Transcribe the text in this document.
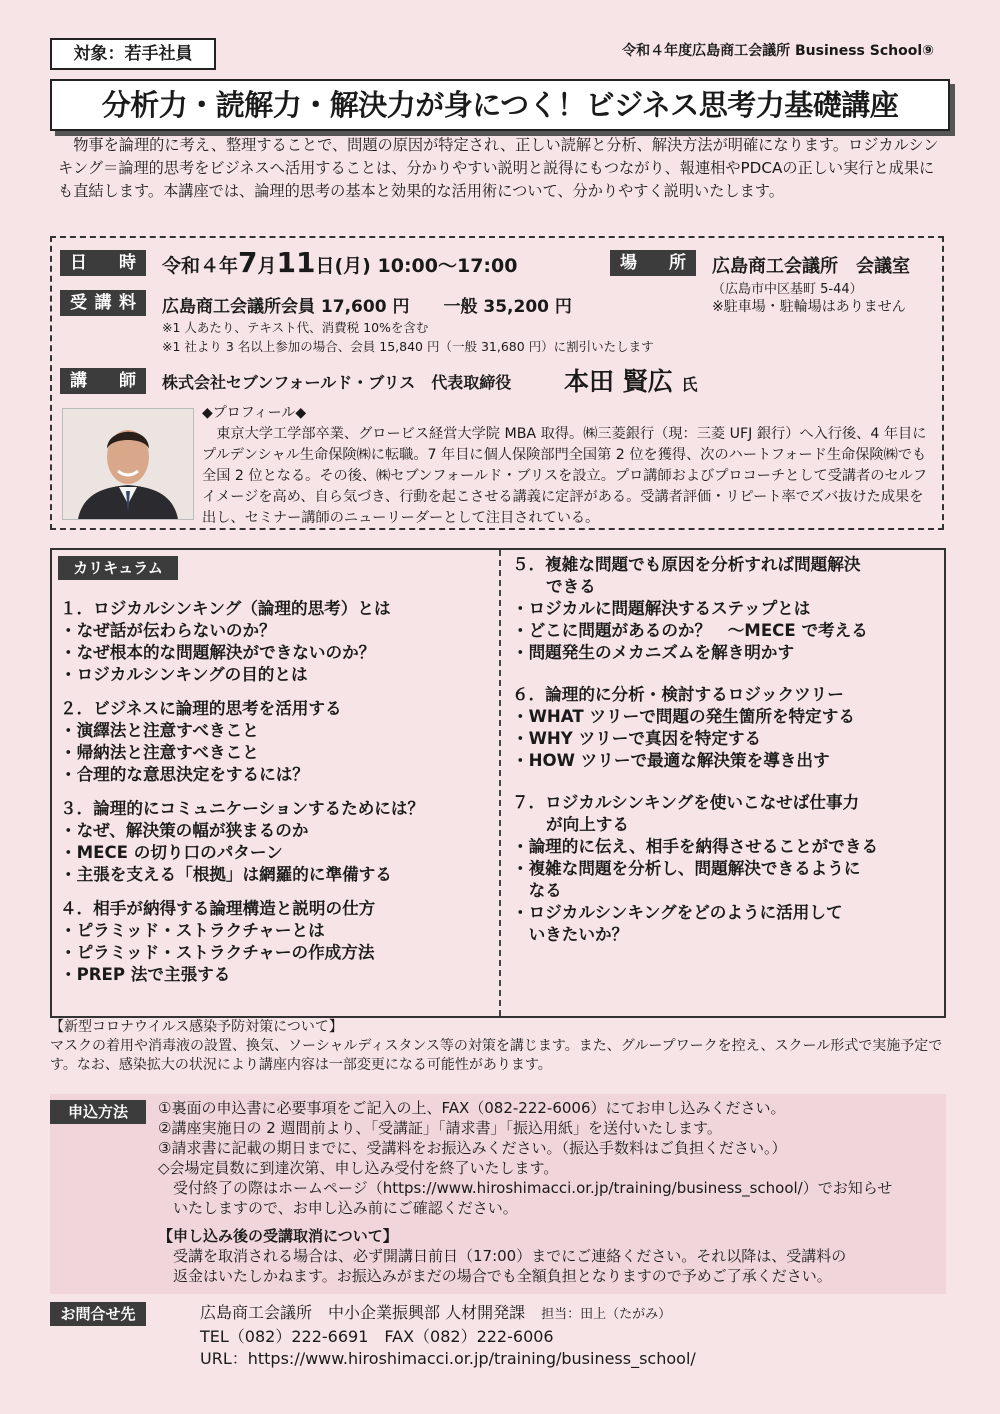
対象：若手社員	令和４年度広島商工会議所 Business School⑨
分析力・読解力・解決力が身につく！ビジネス思考力基礎講座
物事を論理的に考え、整理することで、問題の原因が特定され、正しい読解と分析、解決方法が明確になります。ロジカルシンキング＝論理的思考をビジネスへ活用することは、分かりやすい説明と説得にもつながり、報連相やPDCAの正しい実行と成果にも直結します。本講座では、論理的思考の基本と効果的な活用術について、分かりやすく説明いたします。
日 時	令和４年7月11日(月) 10:00〜17:00	場 所	広島商工会議所　会議室
（広島市中区基町 5-44）
※駐車場・駐輪場はありません
受講料	広島商工会議所会員 17,600 円　　 一般 35,200 円
※1 人あたり、テキスト代、消費税 10%を含む
※1 社より 3 名以上参加の場合、会員 15,840 円（一般 31,680 円）に割引いたします
講 師	株式会社セブンフォールド・ブリス　代表取締役 本田 賢広 氏
◆プロフィール◆
東京大学工学部卒業、グロービス経営大学院 MBA 取得。㈱三菱銀行（現：三菱 UFJ 銀行）へ入行後、4 年目にプルデンシャル生命保険㈱に転職。7 年目に個人保険部門全国第 2 位を獲得、次のハートフォード生命保険㈱でも全国 2 位となる。その後、㈱セブンフォールド・ブリスを設立。プロ講師およびプロコーチとして受講者のセルフイメージを高め、自ら気づき、行動を起こさせる講義に定評がある。受講者評価・リピート率でズバ抜けた成果を出し、セミナー講師のニューリーダーとして注目されている。
カリキュラム
１．ロジカルシンキング（論理的思考）とは
・なぜ話が伝わらないのか？
・なぜ根本的な問題解決ができないのか？
・ロジカルシンキングの目的とは
２．ビジネスに論理的思考を活用する
・演繹法と注意すべきこと
・帰納法と注意すべきこと
・合理的な意思決定をするには？
３．論理的にコミュニケーションするためには？
・なぜ、解決策の幅が狭まるのか
・MECE の切り口のパターン
・主張を支える「根拠」は網羅的に準備する
４．相手が納得する論理構造と説明の仕方
・ピラミッド・ストラクチャーとは
・ピラミッド・ストラクチャーの作成方法
・PREP 法で主張する
５．複雑な問題でも原因を分析すれば問題解決
できる
・ロジカルに問題解決するステップとは
・どこに問題があるのか？　〜MECE で考える
・問題発生のメカニズムを解き明かす
６．論理的に分析・検討するロジックツリー
・WHAT ツリーで問題の発生箇所を特定する
・WHY ツリーで真因を特定する
・HOW ツリーで最適な解決策を導き出す
７．ロジカルシンキングを使いこなせば仕事力
が向上する
・論理的に伝え、相手を納得させることができる
・複雑な問題を分析し、問題解決できるように
　なる
・ロジカルシンキングをどのように活用して
　いきたいか？
【新型コロナウイルス感染予防対策について】
マスクの着用や消毒液の設置、換気、ソーシャルディスタンス等の対策を講じます。また、グループワークを控え、スクール形式で実施予定です。なお、感染拡大の状況により講座内容は一部変更になる可能性があります。
申込方法	①裏面の申込書に必要事項をご記入の上、FAX（082-222-6006）にてお申し込みください。
②講座実施日の 2 週間前より、「受講証」「請求書」「振込用紙」を送付いたします。
③請求書に記載の期日までに、受講料をお振込みください。（振込手数料はご負担ください。）
◇会場定員数に到達次第、申し込み受付を終了いたします。
　受付終了の際はホームページ（https://www.hiroshimacci.or.jp/training/business_school/）でお知らせ
　いたしますので、お申し込み前にご確認ください。
【申し込み後の受講取消について】
　受講を取消される場合は、必ず開講日前日（17:00）までにご連絡ください。それ以降は、受講料の
　返金はいたしかねます。お振込みがまだの場合でも全額負担となりますので予めご了承ください。
お問合せ先	広島商工会議所　中小企業振興部 人材開発課　 担当：田上（たがみ）
TEL（082）222-6691　 FAX（082）222-6006
URL：https://www.hiroshimacci.or.jp/training/business_school/
